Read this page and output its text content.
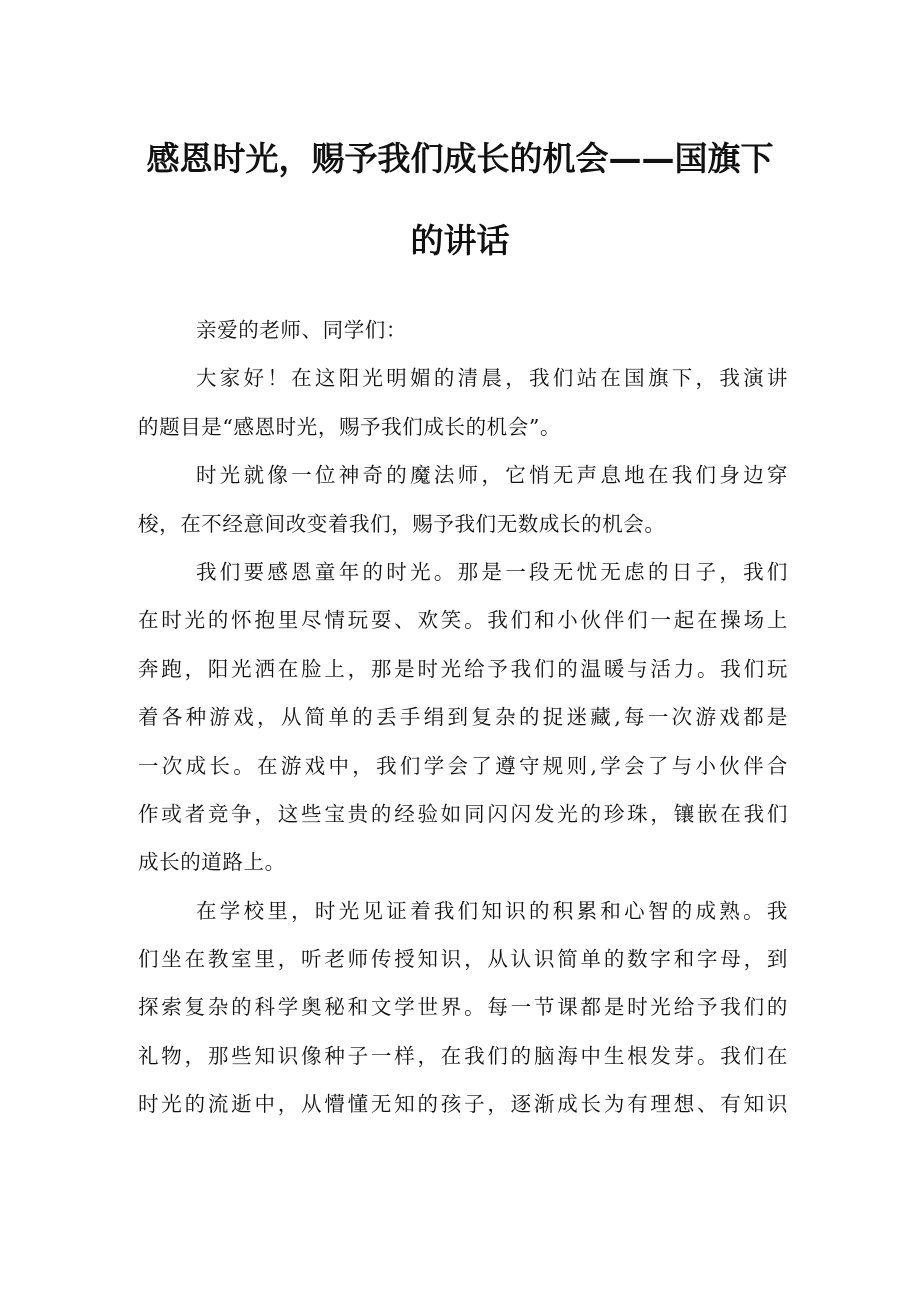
感恩时光，赐予我们成长的机会——国旗下
的讲话
亲爱的老师、同学们：
大家好！在这阳光明媚的清晨，我们站在国旗下，我演讲
的题目是“感恩时光，赐予我们成长的机会”。
时光就像一位神奇的魔法师，它悄无声息地在我们身边穿
梭，在不经意间改变着我们，赐予我们无数成长的机会。
我们要感恩童年的时光。那是一段无忧无虑的日子，我们
在时光的怀抱里尽情玩耍、欢笑。我们和小伙伴们一起在操场上
奔跑，阳光洒在脸上，那是时光给予我们的温暖与活力。我们玩
着各种游戏，从简单的丢手绢到复杂的捉迷藏,每一次游戏都是
一次成长。在游戏中，我们学会了遵守规则,学会了与小伙伴合
作或者竞争，这些宝贵的经验如同闪闪发光的珍珠，镶嵌在我们
成长的道路上。
在学校里，时光见证着我们知识的积累和心智的成熟。我
们坐在教室里，听老师传授知识，从认识简单的数字和字母，到
探索复杂的科学奥秘和文学世界。每一节课都是时光给予我们的
礼物，那些知识像种子一样，在我们的脑海中生根发芽。我们在
时光的流逝中，从懵懂无知的孩子，逐渐成长为有理想、有知识
